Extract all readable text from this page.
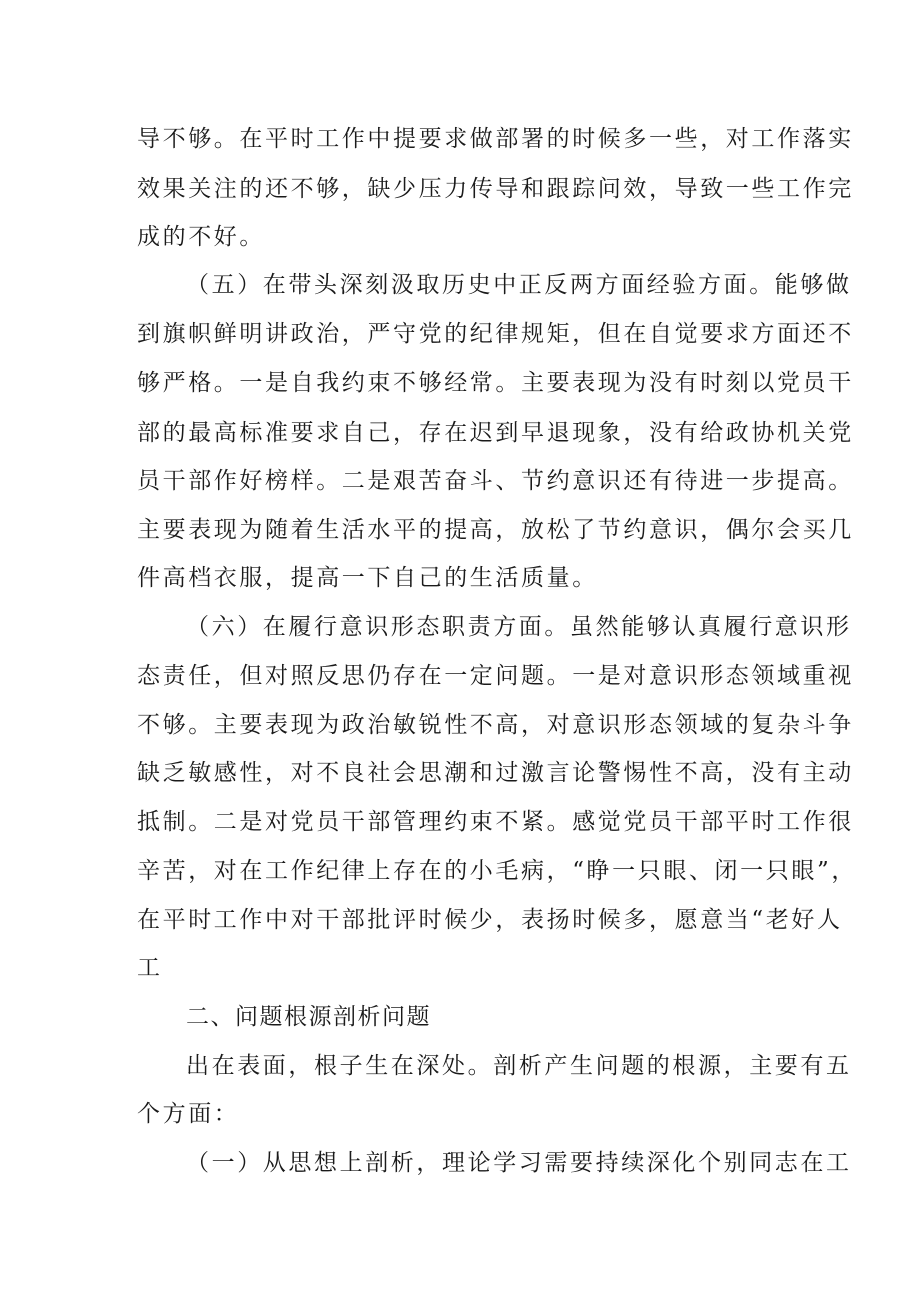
导不够。在平时工作中提要求做部署的时候多一些，对工作落实
效果关注的还不够，缺少压力传导和跟踪问效，导致一些工作完
成的不好。
（五）在带头深刻汲取历史中正反两方面经验方面。能够做
到旗帜鲜明讲政治，严守党的纪律规矩，但在自觉要求方面还不
够严格。一是自我约束不够经常。主要表现为没有时刻以党员干
部的最高标准要求自己，存在迟到早退现象，没有给政协机关党
员干部作好榜样。二是艰苦奋斗、节约意识还有待进一步提高。
主要表现为随着生活水平的提高，放松了节约意识，偶尔会买几
件高档衣服，提高一下自己的生活质量。
（六）在履行意识形态职责方面。虽然能够认真履行意识形
态责任，但对照反思仍存在一定问题。一是对意识形态领域重视
不够。主要表现为政治敏锐性不高，对意识形态领域的复杂斗争
缺乏敏感性，对不良社会思潮和过激言论警惕性不高，没有主动
抵制。二是对党员干部管理约束不紧。感觉党员干部平时工作很
辛苦，对在工作纪律上存在的小毛病，“睁一只眼、闭一只眼”，
在平时工作中对干部批评时候少，表扬时候多，愿意当“老好人
工
二、问题根源剖析问题
出在表面，根子生在深处。剖析产生问题的根源，主要有五
个方面：
（一）从思想上剖析，理论学习需要持续深化个别同志在工
